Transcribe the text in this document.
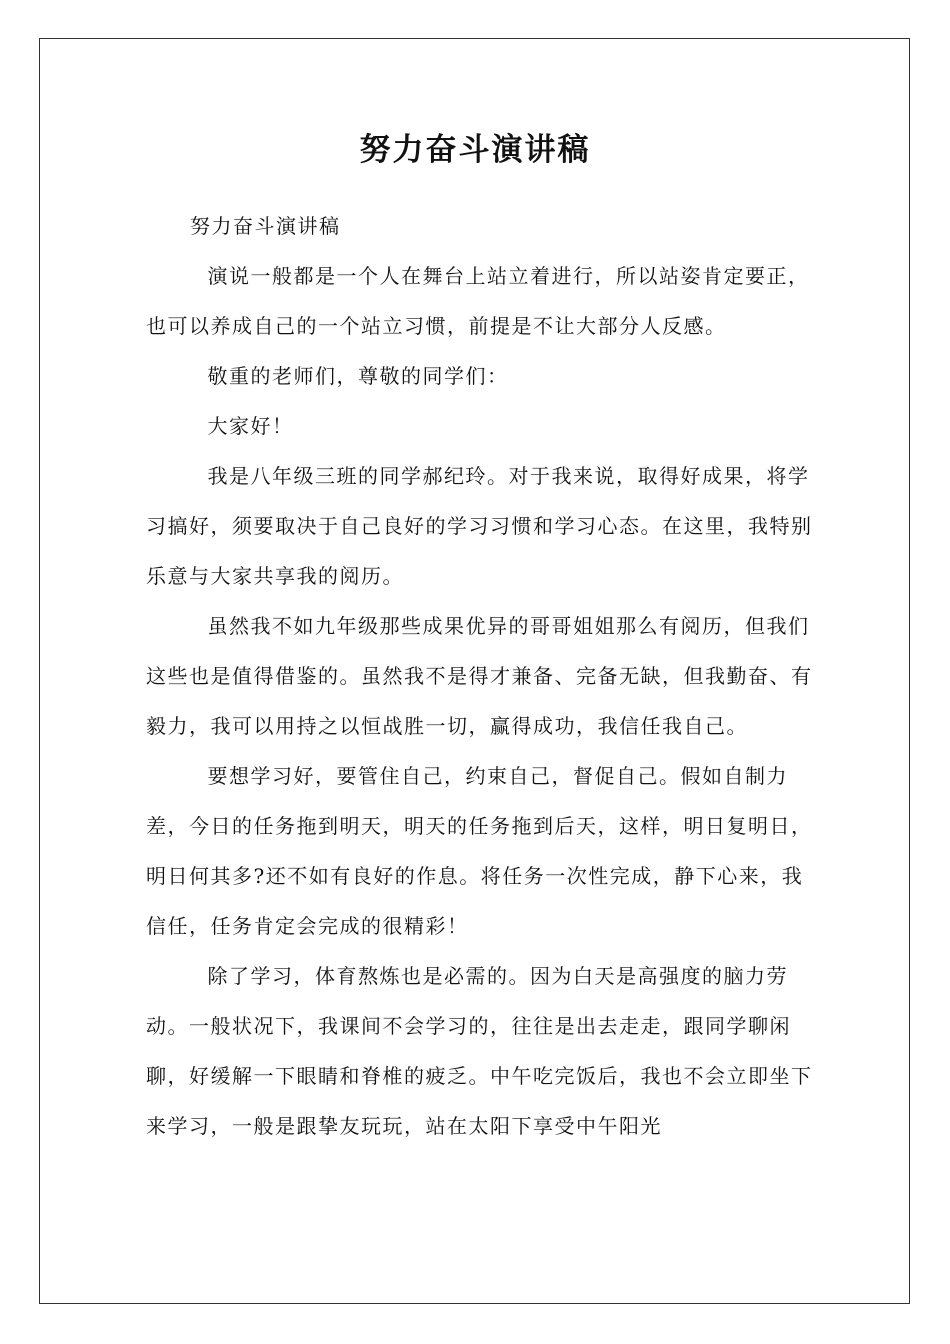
努力奋斗演讲稿

努力奋斗演讲稿

　演说一般都是一个人在舞台上站立着进行，所以站姿肯定要正，也可以养成自己的一个站立习惯，前提是不让大部分人反感。

　敬重的老师们，尊敬的同学们：

　大家好！

　我是八年级三班的同学郝纪玲。对于我来说，取得好成果，将学习搞好，须要取决于自己良好的学习习惯和学习心态。在这里，我特别乐意与大家共享我的阅历。

　虽然我不如九年级那些成果优异的哥哥姐姐那么有阅历，但我们这些也是值得借鉴的。虽然我不是得才兼备、完备无缺，但我勤奋、有毅力，我可以用持之以恒战胜一切，赢得成功，我信任我自己。

　要想学习好，要管住自己，约束自己，督促自己。假如自制力差，今日的任务拖到明天，明天的任务拖到后天，这样，明日复明日，明日何其多?还不如有良好的作息。将任务一次性完成，静下心来，我信任，任务肯定会完成的很精彩！

　除了学习，体育熬炼也是必需的。因为白天是高强度的脑力劳动。一般状况下，我课间不会学习的，往往是出去走走，跟同学聊闲聊，好缓解一下眼睛和脊椎的疲乏。中午吃完饭后，我也不会立即坐下来学习，一般是跟挚友玩玩，站在太阳下享受中午阳光
